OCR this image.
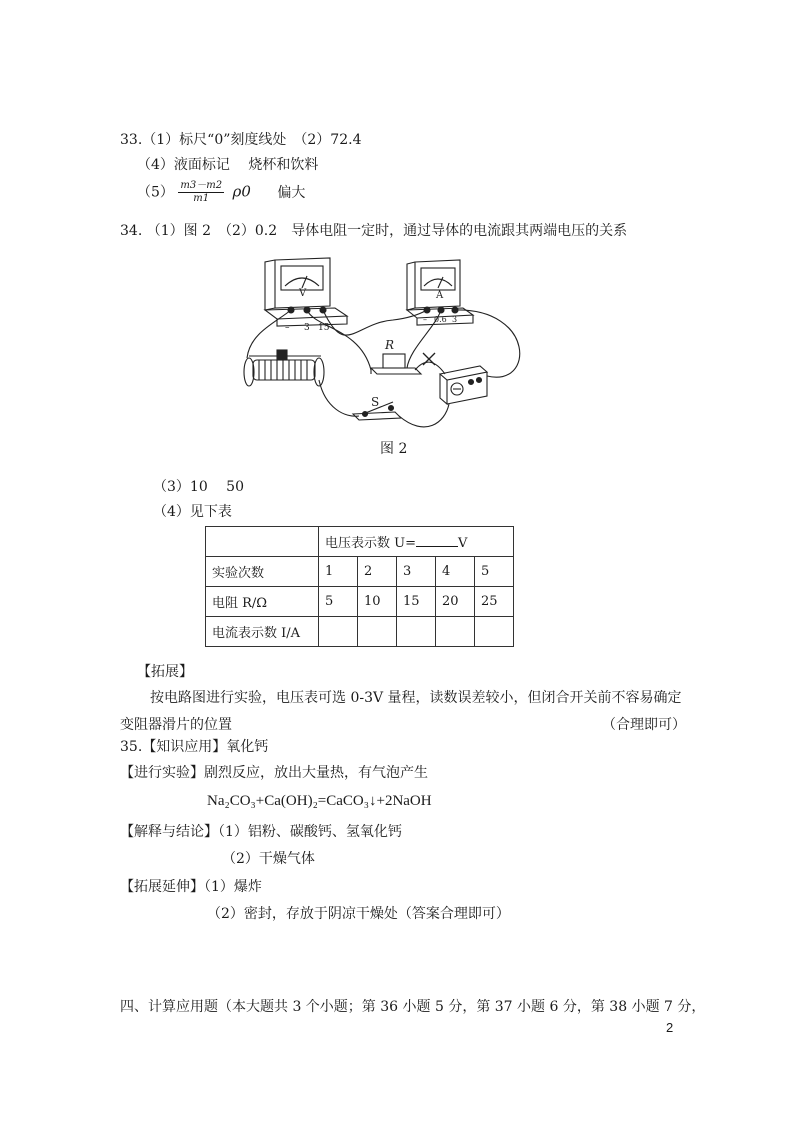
33.（1）标尺“0”刻度线处　（2）72.4
（4）液面标记　 烧杯和饮料
$(5) \frac{m3-m2}{m1} \rho 0$ 偏大
34. （1）图 2　（2）0.2　导体电阻一定时，通过导体的电流跟其两端电压的关系
V
– 3 15
A
– 0.6 3
R
S
图 2
（3）10　 50
（4）见下表
	电压表示数 U= V				
实验次数	1	2	3	4	5
电阻 R/Ω	5	10	15	20	25
电流表示数 I/A					
【拓展】
按电路图进行实验，电压表可选 0-3V 量程，读数误差较小，但闭合开关前不容易确定
变阻器滑片的位置	（合理即可）
35.【知识应用】氧化钙
【进行实验】剧烈反应，放出大量热，有气泡产生
Na₂CO₃+Ca(OH)₂=CaCO₃↓+2NaOH
【解释与结论】（1）铝粉、碳酸钙、氢氧化钙
（2）干燥气体
【拓展延伸】（1）爆炸
（2）密封，存放于阴凉干燥处（答案合理即可）
四、计算应用题（本大题共 3 个小题；第 36 小题 5 分，第 37 小题 6 分，第 38 小题 7 分，
2
